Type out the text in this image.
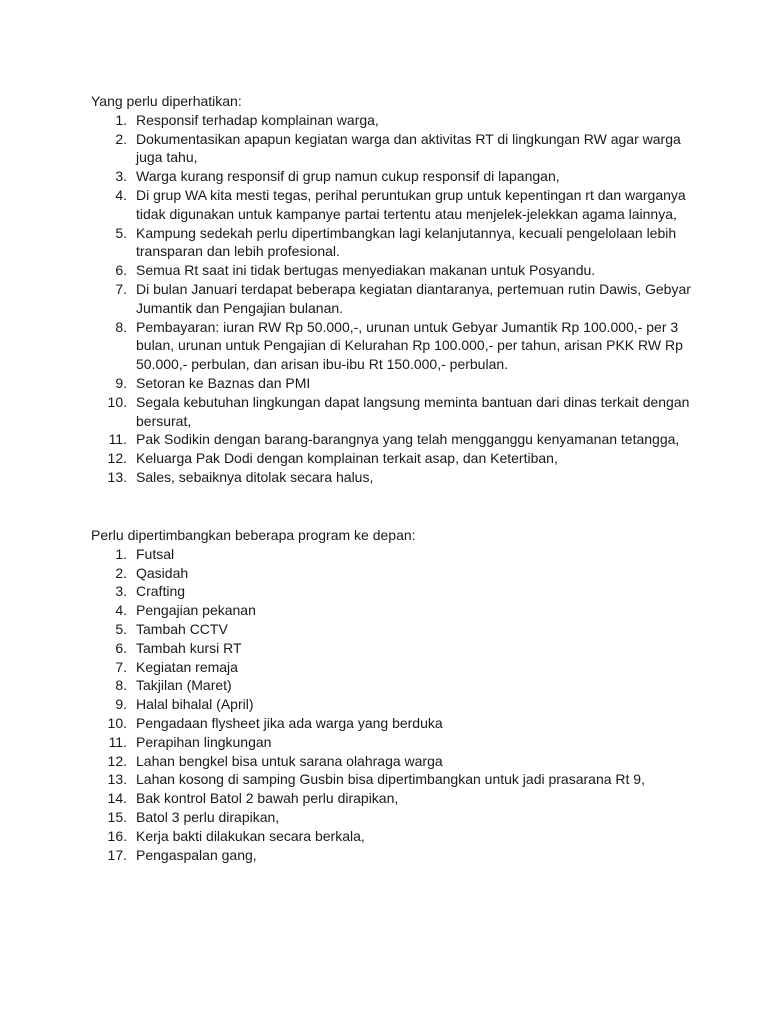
Yang perlu diperhatikan:

1. Responsif terhadap komplainan warga,
2. Dokumentasikan apapun kegiatan warga dan aktivitas RT di lingkungan RW agar warga juga tahu,
3. Warga kurang responsif di grup namun cukup responsif di lapangan,
4. Di grup WA kita mesti tegas, perihal peruntukan grup untuk kepentingan rt dan warganya tidak digunakan untuk kampanye partai tertentu atau menjelek-jelekkan agama lainnya,
5. Kampung sedekah perlu dipertimbangkan lagi kelanjutannya, kecuali pengelolaan lebih transparan dan lebih profesional.
6. Semua Rt saat ini tidak bertugas menyediakan makanan untuk Posyandu.
7. Di bulan Januari terdapat beberapa kegiatan diantaranya, pertemuan rutin Dawis, Gebyar Jumantik dan Pengajian bulanan.
8. Pembayaran: iuran RW Rp 50.000,-, urunan untuk Gebyar Jumantik Rp 100.000,- per 3 bulan, urunan untuk Pengajian di Kelurahan Rp 100.000,- per tahun, arisan PKK RW Rp 50.000,- perbulan, dan arisan ibu-ibu Rt 150.000,- perbulan.
9. Setoran ke Baznas dan PMI
10. Segala kebutuhan lingkungan dapat langsung meminta bantuan dari dinas terkait dengan bersurat,
11. Pak Sodikin dengan barang-barangnya yang telah mengganggu kenyamanan tetangga,
12. Keluarga Pak Dodi dengan komplainan terkait asap, dan Ketertiban,
13. Sales, sebaiknya ditolak secara halus,

Perlu dipertimbangkan beberapa program ke depan:

1. Futsal
2. Qasidah
3. Crafting
4. Pengajian pekanan
5. Tambah CCTV
6. Tambah kursi RT
7. Kegiatan remaja
8. Takjilan (Maret)
9. Halal bihalal (April)
10. Pengadaan flysheet jika ada warga yang berduka
11. Perapihan lingkungan
12. Lahan bengkel bisa untuk sarana olahraga warga
13. Lahan kosong di samping Gusbin bisa dipertimbangkan untuk jadi prasarana Rt 9,
14. Bak kontrol Batol 2 bawah perlu dirapikan,
15. Batol 3 perlu dirapikan,
16. Kerja bakti dilakukan secara berkala,
17. Pengaspalan gang,
